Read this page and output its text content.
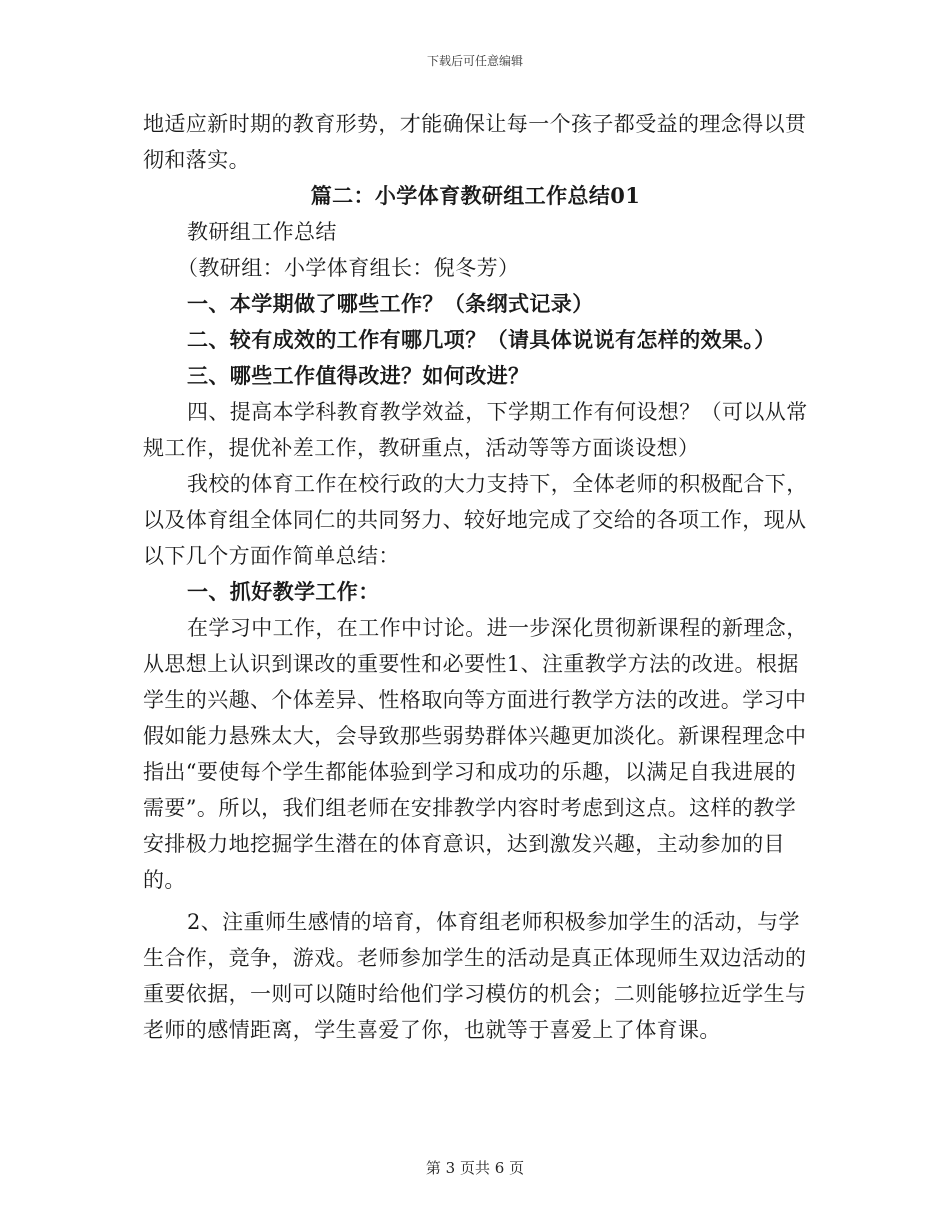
下载后可任意编辑

地适应新时期的教育形势，才能确保让每一个孩子都受益的理念得以贯彻和落实。

篇二：小学体育教研组工作总结01

教研组工作总结

（教研组：小学体育组长：倪冬芳）

一、本学期做了哪些工作？（条纲式记录）

二、较有成效的工作有哪几项？（请具体说说有怎样的效果。）

三、哪些工作值得改进？如何改进？

四、提高本学科教育教学效益，下学期工作有何设想？（可以从常规工作，提优补差工作，教研重点，活动等等方面谈设想）

我校的体育工作在校行政的大力支持下，全体老师的积极配合下，以及体育组全体同仁的共同努力、较好地完成了交给的各项工作，现从以下几个方面作简单总结：

一、抓好教学工作：

在学习中工作，在工作中讨论。进一步深化贯彻新课程的新理念，从思想上认识到课改的重要性和必要性1、注重教学方法的改进。根据学生的兴趣、个体差异、性格取向等方面进行教学方法的改进。学习中假如能力悬殊太大，会导致那些弱势群体兴趣更加淡化。新课程理念中指出“要使每个学生都能体验到学习和成功的乐趣，以满足自我进展的需要”。所以，我们组老师在安排教学内容时考虑到这点。这样的教学安排极力地挖掘学生潜在的体育意识，达到激发兴趣，主动参加的目的。

2、注重师生感情的培育，体育组老师积极参加学生的活动，与学生合作，竞争，游戏。老师参加学生的活动是真正体现师生双边活动的重要依据，一则可以随时给他们学习模仿的机会；二则能够拉近学生与老师的感情距离，学生喜爱了你，也就等于喜爱上了体育课。

第 3 页共 6 页
